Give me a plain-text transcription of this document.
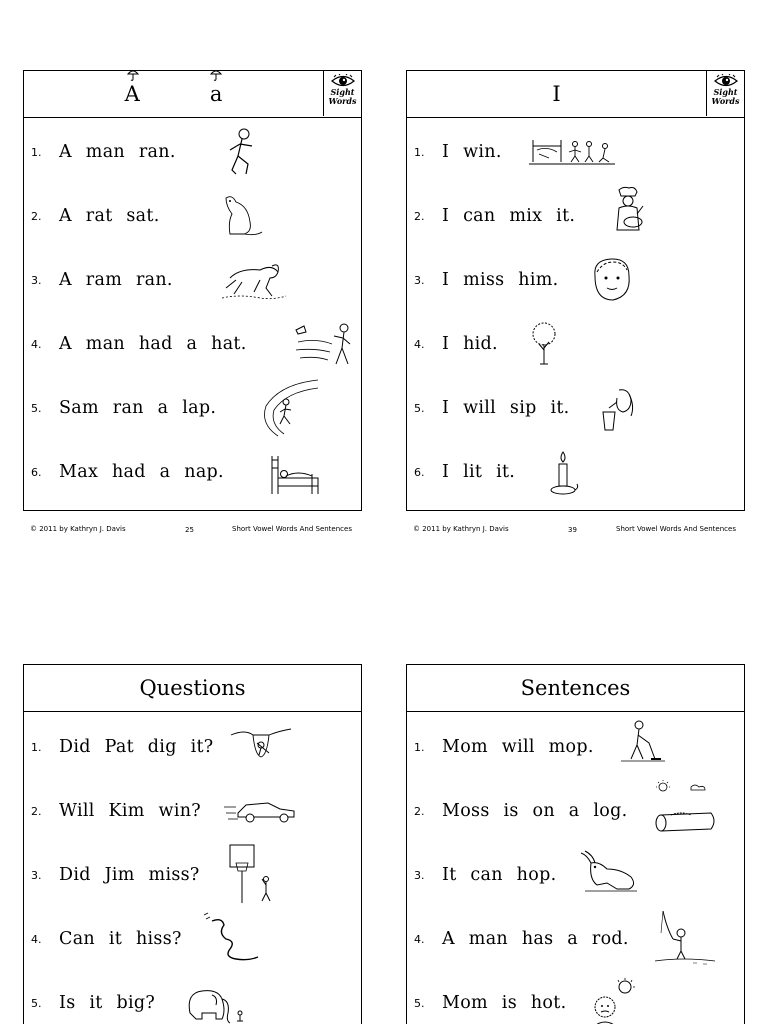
A	a	Sight
Words
1. A man ran.
2. A rat sat.
3. A ram ran.
4. A man had a hat.
5. Sam ran a lap.
6. Max had a nap.
© 2011 by Kathryn J. Davis	25	Short Vowel Words And Sentences
I	Sight
Words
1. I win.
2. I can mix it.
3. I miss him.
4. I hid.
5. I will sip it.
6. I lit it.
© 2011 by Kathryn J. Davis	39	Short Vowel Words And Sentences
Questions
1. Did Pat dig it?
2. Will Kim win?
3. Did Jim miss?
4. Can it hiss?
5. Is it big?
Sentences
1. Mom will mop.
2. Moss is on a log.
3. It can hop.
4. A man has a rod.
5. Mom is hot.
